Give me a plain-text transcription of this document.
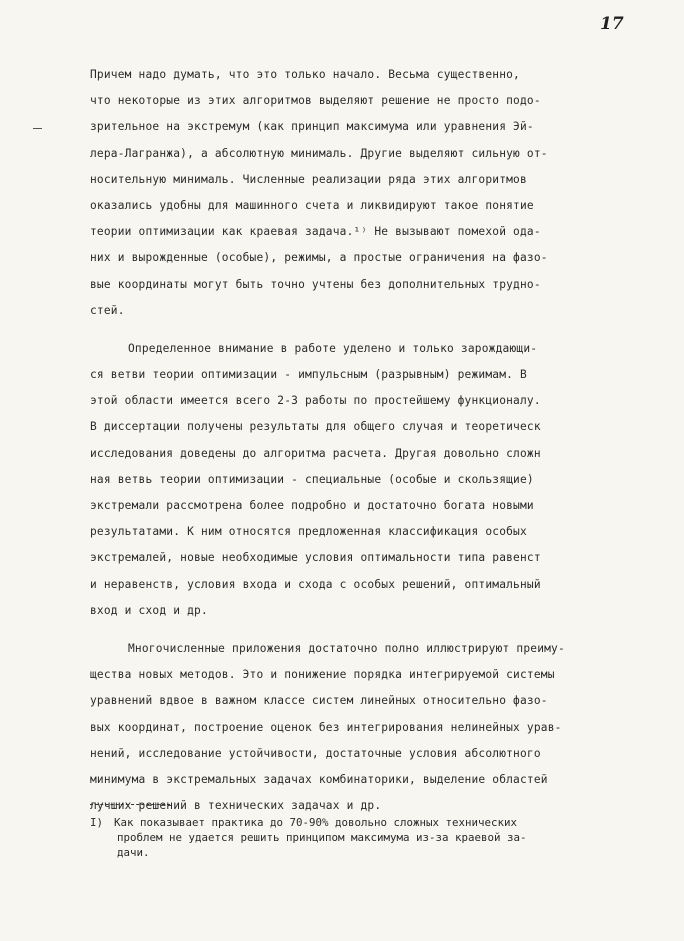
17
Причем надо думать, что это только начало. Весьма существенно,
что некоторые из этих алгоритмов выделяют решение не просто подо-
зрительное на экстремум (как принцип максимума или уравнения Эй-
лера-Лагранжа), а абсолютную минималь. Другие выделяют сильную от-
носительную минималь. Численные реализации ряда этих алгоритмов
оказались удобны для машинного счета и ликвидируют такое понятие
теории оптимизации как краевая задача.¹⁾ Не вызывают помехой ода-
них и вырожденные (особые), режимы, а простые ограничения на фазо-
вые координаты могут быть точно учтены без дополнительных трудно-
стей.
Определенное внимание в работе уделено и только зарождающи-
ся ветви теории оптимизации - импульсным (разрывным) режимам. В
этой области имеется всего 2-3 работы по простейшему функционалу.
В диссертации получены результаты для общего случая и теоретическ
исследования доведены до алгоритма расчета. Другая довольно сложн
ная ветвь теории оптимизации - специальные (особые и скользящие)
экстремали рассмотрена более подробно и достаточно богата новыми
результатами. К ним относятся предложенная классификация особых
экстремалей, новые необходимые условия оптимальности типа равенст
и неравенств, условия входа и схода с особых решений, оптимальный
вход и сход и др.
Многочисленные приложения достаточно полно иллюстрируют преиму-
щества новых методов. Это и понижение порядка интегрируемой системы
уравнений вдвое в важном классе систем линейных относительно фазо-
вых координат, построение оценок без интегрирования нелинейных урав-
нений, исследование устойчивости, достаточные условия абсолютного
минимума в экстремальных задачах комбинаторики, выделение областей
лучших решений в технических задачах и др.
I) Как показывает практика до 70-90% довольно сложных технических
проблем не удается решить принципом максимума из-за краевой за-
дачи.
